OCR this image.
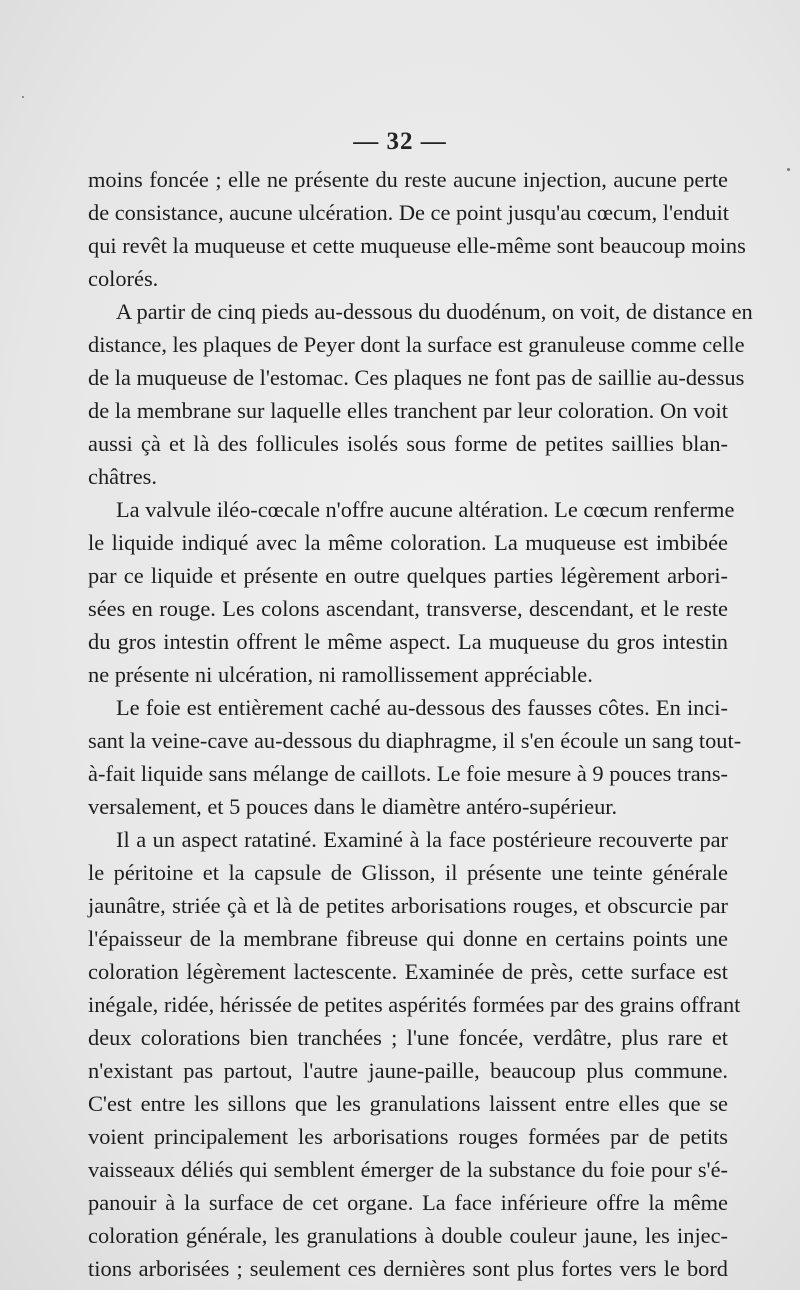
— 32 —
moins foncée ; elle ne présente du reste aucune injection, aucune perte
de consistance, aucune ulcération. De ce point jusqu'au cœcum, l'enduit
qui revêt la muqueuse et cette muqueuse elle-même sont beaucoup moins
colorés.
A partir de cinq pieds au-dessous du duodénum, on voit, de distance en
distance, les plaques de Peyer dont la surface est granuleuse comme celle
de la muqueuse de l'estomac. Ces plaques ne font pas de saillie au-dessus
de la membrane sur laquelle elles tranchent par leur coloration. On voit
aussi çà et là des follicules isolés sous forme de petites saillies blan-
châtres.
La valvule iléo-cœcale n'offre aucune altération. Le cœcum renferme
le liquide indiqué avec la même coloration. La muqueuse est imbibée
par ce liquide et présente en outre quelques parties légèrement arbori-
sées en rouge. Les colons ascendant, transverse, descendant, et le reste
du gros intestin offrent le même aspect. La muqueuse du gros intestin
ne présente ni ulcération, ni ramollissement appréciable.
Le foie est entièrement caché au-dessous des fausses côtes. En inci-
sant la veine-cave au-dessous du diaphragme, il s'en écoule un sang tout-
à-fait liquide sans mélange de caillots. Le foie mesure à 9 pouces trans-
versalement, et 5 pouces dans le diamètre antéro-supérieur.
Il a un aspect ratatiné. Examiné à la face postérieure recouverte par
le péritoine et la capsule de Glisson, il présente une teinte générale
jaunâtre, striée çà et là de petites arborisations rouges, et obscurcie par
l'épaisseur de la membrane fibreuse qui donne en certains points une
coloration légèrement lactescente. Examinée de près, cette surface est
inégale, ridée, hérissée de petites aspérités formées par des grains offrant
deux colorations bien tranchées ; l'une foncée, verdâtre, plus rare et
n'existant pas partout, l'autre jaune-paille, beaucoup plus commune.
C'est entre les sillons que les granulations laissent entre elles que se
voient principalement les arborisations rouges formées par de petits
vaisseaux déliés qui semblent émerger de la substance du foie pour s'é-
panouir à la surface de cet organe. La face inférieure offre la même
coloration générale, les granulations à double couleur jaune, les injec-
tions arborisées ; seulement ces dernières sont plus fortes vers le bord
